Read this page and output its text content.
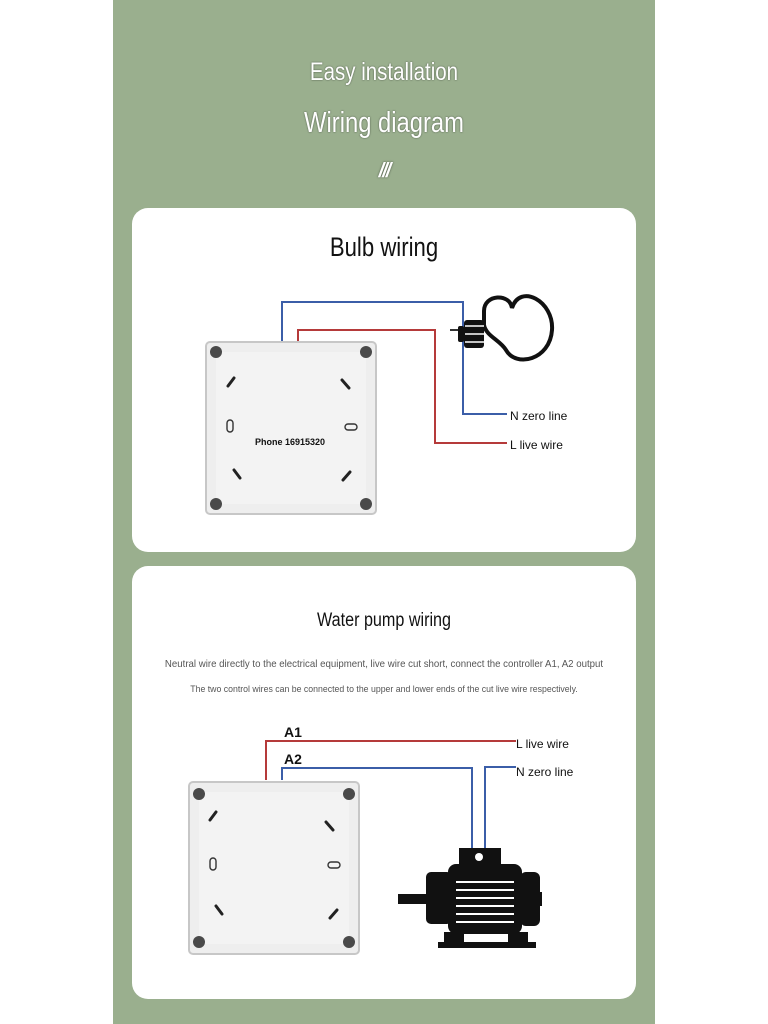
Easy installation
Wiring diagram
///
Bulb wiring
Phone 16915320
N zero line
L live wire
Water pump wiring
Neutral wire directly to the electrical equipment, live wire cut short, connect the controller A1, A2 output
The two control wires can be connected to the upper and lower ends of the cut live wire respectively.
A1
A2
L live wire
N zero line
